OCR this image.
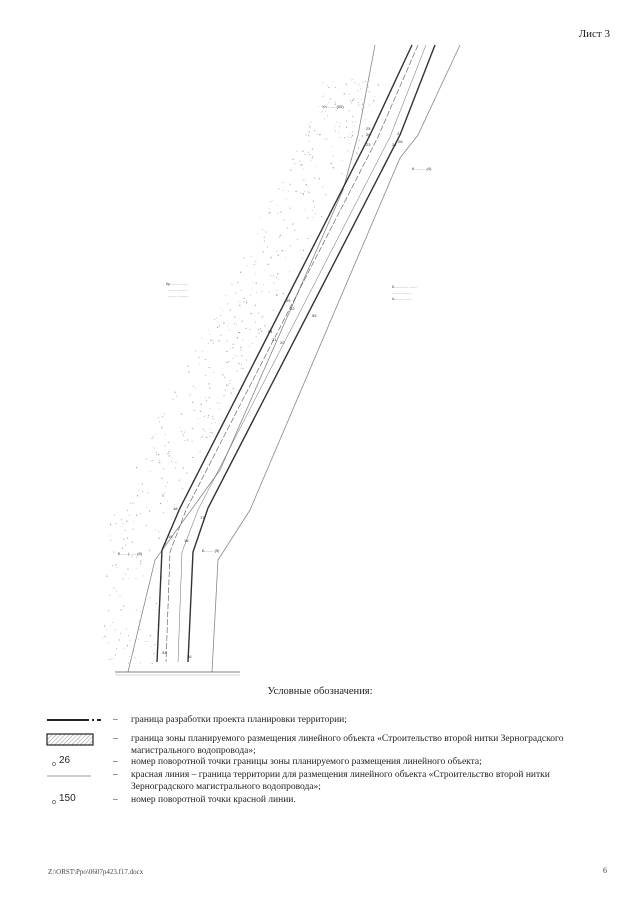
Лист 3
Ул.........(05)
К...........(4)
Кр.......... ........
........ ...........
.......... ..........
Б.............. ........
......... ..........
А......... ........
К.......(.......(8)
Б.........(5)
25
26	27
28
23	24
29
22
55
54
21
20
18
17
19
16
36
34
Условные обозначения:
– граница разработки проекта планировки территории;
– граница зоны планируемого размещения линейного объекта «Строительство второй нитки Зерноградского магистрального водопровода»;
26	– номер поворотной точки границы зоны планируемого размещения линейного объекта;
– красная линия – граница территории для размещения линейного объекта «Строительство второй нитки Зерноградского магистрального водопровода»;
150	– номер поворотной точки красной линии.
Z:\ORST\Ppo\0607p423.f17.docx	6
